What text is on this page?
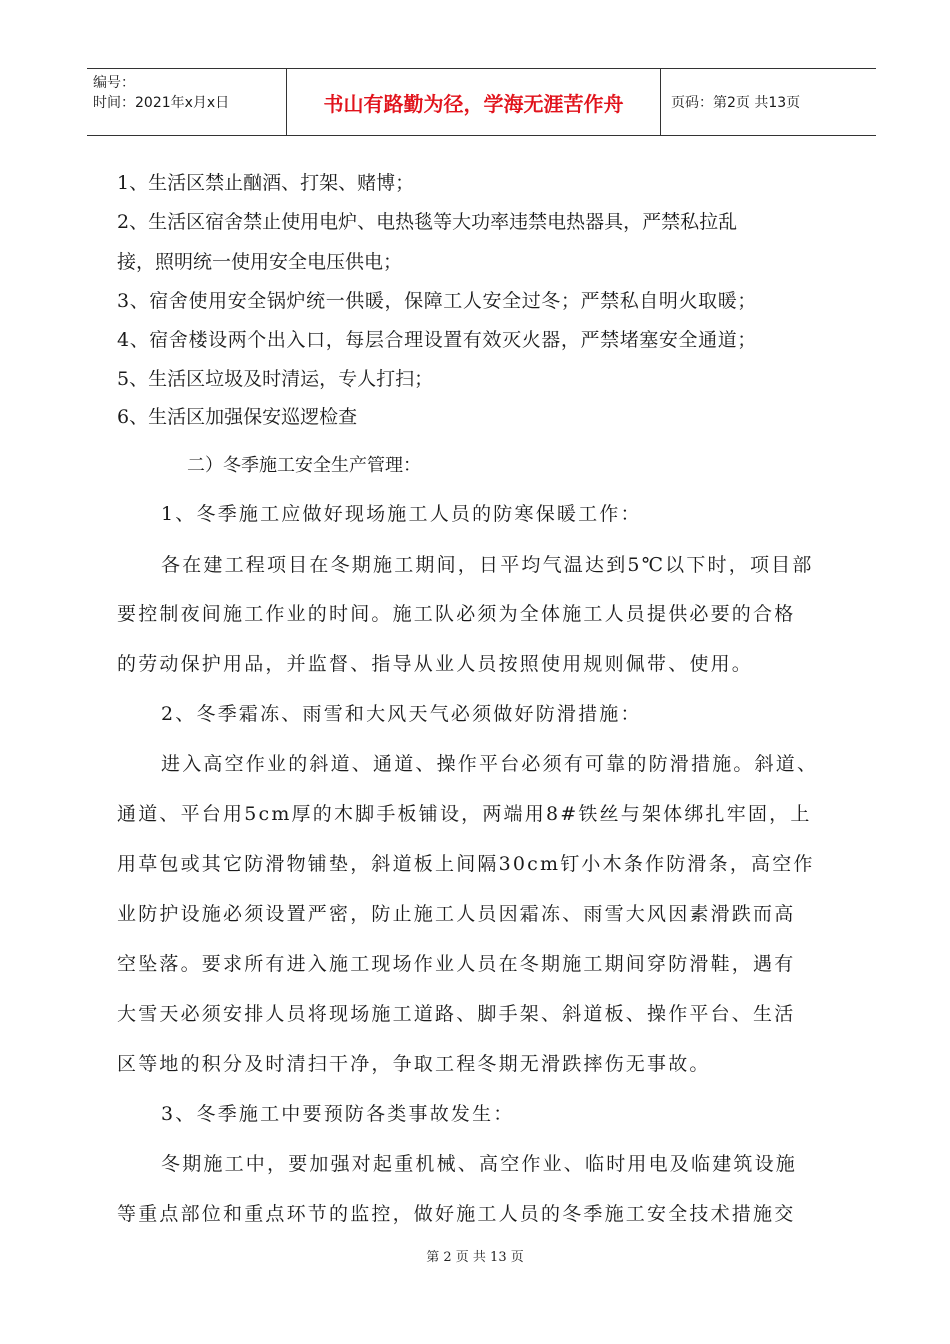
编号：
时间：2021年x月x日	书山有路勤为径，学海无涯苦作舟	页码：第2页 共13页
1、生活区禁止酗酒、打架、赌博；
2、生活区宿舍禁止使用电炉、电热毯等大功率违禁电热器具，严禁私拉乱
接，照明统一使用安全电压供电；
3、宿舍使用安全锅炉统一供暖，保障工人安全过冬；严禁私自明火取暖；
4、宿舍楼设两个出入口，每层合理设置有效灭火器，严禁堵塞安全通道；
5、生活区垃圾及时清运，专人打扫；
6、生活区加强保安巡逻检查
二）冬季施工安全生产管理：
1、冬季施工应做好现场施工人员的防寒保暖工作：
各在建工程项目在冬期施工期间，日平均气温达到5℃以下时，项目部
要控制夜间施工作业的时间。施工队必须为全体施工人员提供必要的合格
的劳动保护用品，并监督、指导从业人员按照使用规则佩带、使用。
2、冬季霜冻、雨雪和大风天气必须做好防滑措施：
进入高空作业的斜道、通道、操作平台必须有可靠的防滑措施。斜道、
通道、平台用5cm厚的木脚手板铺设，两端用8#铁丝与架体绑扎牢固，上
用草包或其它防滑物铺垫，斜道板上间隔30cm钉小木条作防滑条，高空作
业防护设施必须设置严密，防止施工人员因霜冻、雨雪大风因素滑跌而高
空坠落。要求所有进入施工现场作业人员在冬期施工期间穿防滑鞋，遇有
大雪天必须安排人员将现场施工道路、脚手架、斜道板、操作平台、生活
区等地的积分及时清扫干净，争取工程冬期无滑跌摔伤无事故。
3、冬季施工中要预防各类事故发生：
冬期施工中，要加强对起重机械、高空作业、临时用电及临建筑设施
等重点部位和重点环节的监控，做好施工人员的冬季施工安全技术措施交
第 2 页 共 13 页
